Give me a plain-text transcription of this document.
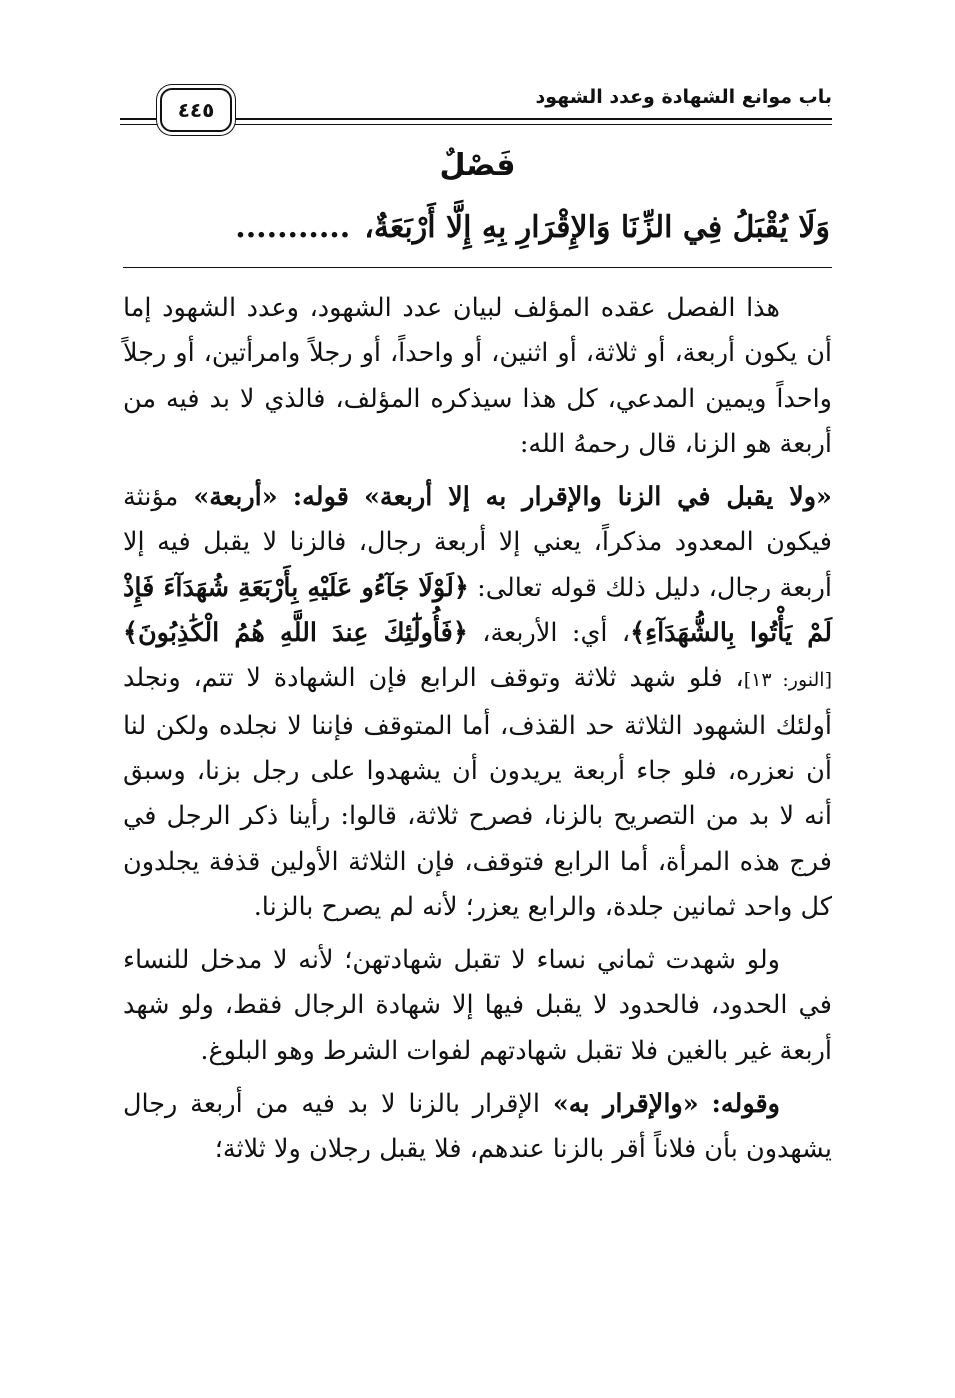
باب موانع الشهادة وعدد الشهود
٤٤٥
فَصْلٌ
وَلَا يُقْبَلُ فِي الزِّنَا وَالإِقْرَارِ بِهِ إِلَّا أَرْبَعَةٌ،...........

هذا الفصل عقده المؤلف لبيان عدد الشهود، وعدد الشهود إما أن يكون أربعة، أو ثلاثة، أو اثنين، أو واحداً، أو رجلاً وامرأتين، أو رجلاً واحداً ويمين المدعي، كل هذا سيذكره المؤلف، فالذي لا بد فيه من أربعة هو الزنا، قال رحمهُ الله:

«ولا يقبل في الزنا والإقرار به إلا أربعة» قوله: «أربعة» مؤنثة فيكون المعدود مذكراً، يعني إلا أربعة رجال، فالزنا لا يقبل فيه إلا أربعة رجال، دليل ذلك قوله تعالى: ﴿لَوْلَا جَآءُو عَلَيْهِ بِأَرْبَعَةِ شُهَدَآءَ فَإِذْ لَمْ يَأْتُوا بِالشُّهَدَآءِ﴾، أي: الأربعة، ﴿فَأُولَٰٓئِكَ عِندَ اللَّهِ هُمُ الْكَٰذِبُونَ﴾ [النور: ١٣]، فلو شهد ثلاثة وتوقف الرابع فإن الشهادة لا تتم، ونجلد أولئك الشهود الثلاثة حد القذف، أما المتوقف فإننا لا نجلده ولكن لنا أن نعزره، فلو جاء أربعة يريدون أن يشهدوا على رجل بزنا، وسبق أنه لا بد من التصريح بالزنا، فصرح ثلاثة، قالوا: رأينا ذكر الرجل في فرج هذه المرأة، أما الرابع فتوقف، فإن الثلاثة الأولين قذفة يجلدون كل واحد ثمانين جلدة، والرابع يعزر؛ لأنه لم يصرح بالزنا.

ولو شهدت ثماني نساء لا تقبل شهادتهن؛ لأنه لا مدخل للنساء في الحدود، فالحدود لا يقبل فيها إلا شهادة الرجال فقط، ولو شهد أربعة غير بالغين فلا تقبل شهادتهم لفوات الشرط وهو البلوغ.

وقوله: «والإقرار به» الإقرار بالزنا لا بد فيه من أربعة رجال يشهدون بأن فلاناً أقر بالزنا عندهم، فلا يقبل رجلان ولا ثلاثة؛
